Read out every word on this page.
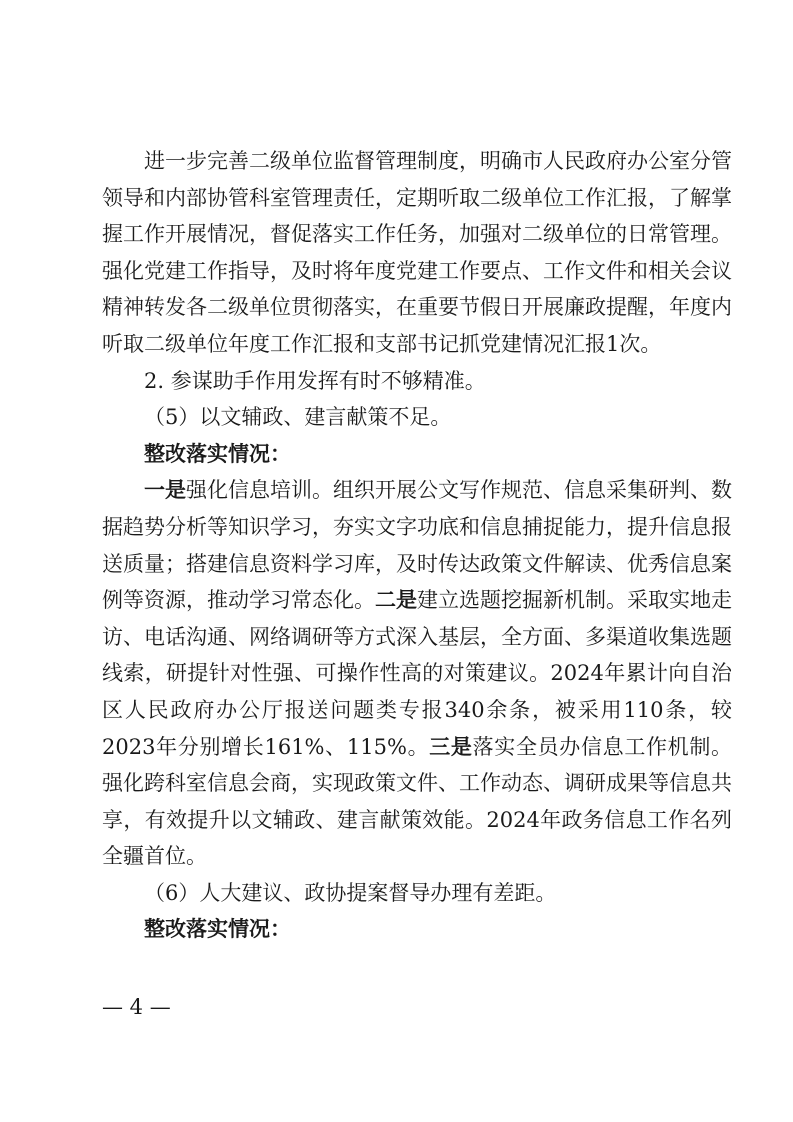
进一步完善二级单位监督管理制度，明确市人民政府办公室分管领导和内部协管科室管理责任，定期听取二级单位工作汇报，了解掌握工作开展情况，督促落实工作任务，加强对二级单位的日常管理。强化党建工作指导，及时将年度党建工作要点、工作文件和相关会议精神转发各二级单位贯彻落实，在重要节假日开展廉政提醒，年度内听取二级单位年度工作汇报和支部书记抓党建情况汇报1次。

2. 参谋助手作用发挥有时不够精准。

（5）以文辅政、建言献策不足。

整改落实情况：

一是强化信息培训。组织开展公文写作规范、信息采集研判、数据趋势分析等知识学习，夯实文字功底和信息捕捉能力，提升信息报送质量；搭建信息资料学习库，及时传达政策文件解读、优秀信息案例等资源，推动学习常态化。二是建立选题挖掘新机制。采取实地走访、电话沟通、网络调研等方式深入基层，全方面、多渠道收集选题线索，研提针对性强、可操作性高的对策建议。2024年累计向自治区人民政府办公厅报送问题类专报340余条，被采用110条，较2023年分别增长161%、115%。三是落实全员办信息工作机制。强化跨科室信息会商，实现政策文件、工作动态、调研成果等信息共享，有效提升以文辅政、建言献策效能。2024年政务信息工作名列全疆首位。

（6）人大建议、政协提案督导办理有差距。

整改落实情况：

— 4 —
